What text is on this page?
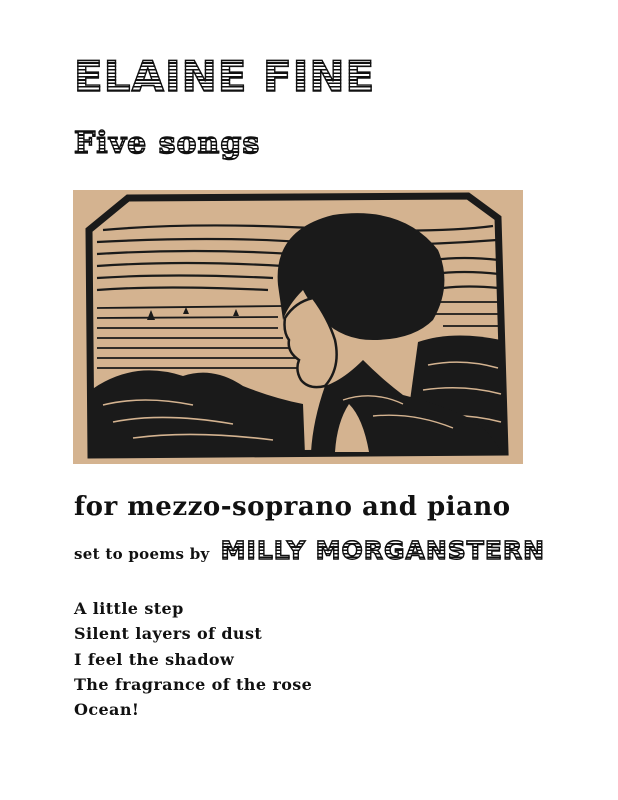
ELAINE FINE
Five songs
for mezzo-soprano and piano
set to poems by MILLY MORGANSTERN
A little step
Silent layers of dust
I feel the shadow
The fragrance of the rose
Ocean!
